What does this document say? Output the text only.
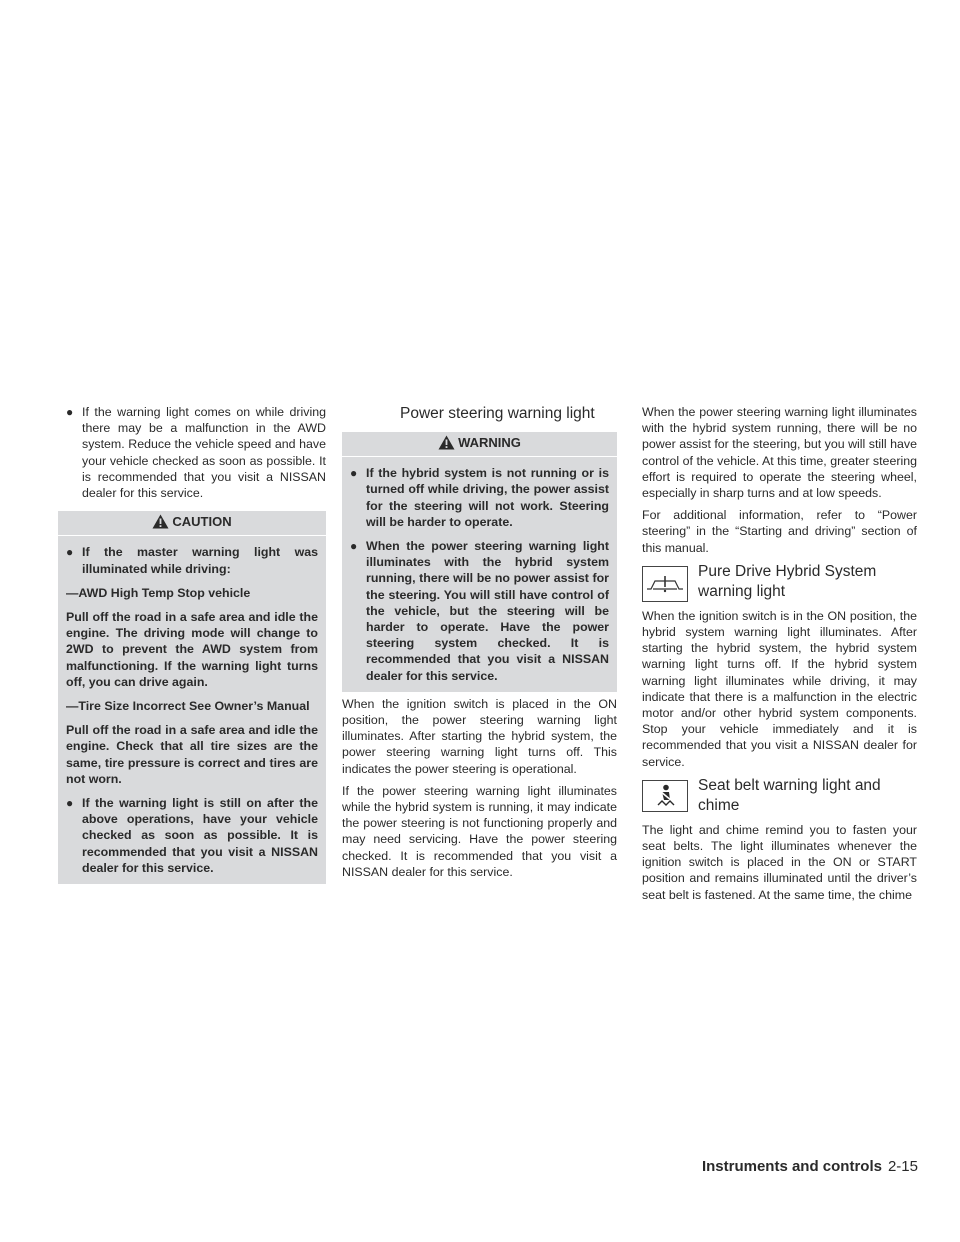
● If the warning light comes on while driving there may be a malfunction in the AWD system. Reduce the vehicle speed and have your vehicle checked as soon as possible. It is recommended that you visit a NISSAN dealer for this service.
CAUTION
● If the master warning light was illuminated while driving:

—AWD High Temp Stop vehicle

Pull off the road in a safe area and idle the engine. The driving mode will change to 2WD to prevent the AWD system from malfunctioning. If the warning light turns off, you can drive again.

—Tire Size Incorrect See Owner’s Manual

Pull off the road in a safe area and idle the engine. Check that all tire sizes are the same, tire pressure is correct and tires are not worn.

● If the warning light is still on after the above operations, have your vehicle checked as soon as possible. It is recommended that you visit a NISSAN dealer for this service.
Power steering warning light
WARNING
● If the hybrid system is not running or is turned off while driving, the power assist for the steering will not work. Steering will be harder to operate.
● When the power steering warning light illuminates with the hybrid system running, there will be no power assist for the steering. You will still have control of the vehicle, but the steering will be harder to operate. Have the power steering system checked. It is recommended that you visit a NISSAN dealer for this service.

When the ignition switch is placed in the ON position, the power steering warning light illuminates. After starting the hybrid system, the power steering warning light turns off. This indicates the power steering is operational.

If the power steering warning light illuminates while the hybrid system is running, it may indicate the power steering is not functioning properly and may need servicing. Have the power steering checked. It is recommended that you visit a NISSAN dealer for this service.

When the power steering warning light illuminates with the hybrid system running, there will be no power assist for the steering, but you will still have control of the vehicle. At this time, greater steering effort is required to operate the steering wheel, especially in sharp turns and at low speeds.

For additional information, refer to “Power steering” in the “Starting and driving” section of this manual.

Pure Drive Hybrid System warning light

When the ignition switch is in the ON position, the hybrid system warning light illuminates. After starting the hybrid system, the hybrid system warning light turns off. If the hybrid system warning light illuminates while driving, it may indicate that there is a malfunction in the electric motor and/or other hybrid system components. Stop your vehicle immediately and it is recommended that you visit a NISSAN dealer for service.

Seat belt warning light and chime

The light and chime remind you to fasten your seat belts. The light illuminates whenever the ignition switch is placed in the ON or START position and remains illuminated until the driver’s seat belt is fastened. At the same time, the chime

Instruments and controls 2-15
